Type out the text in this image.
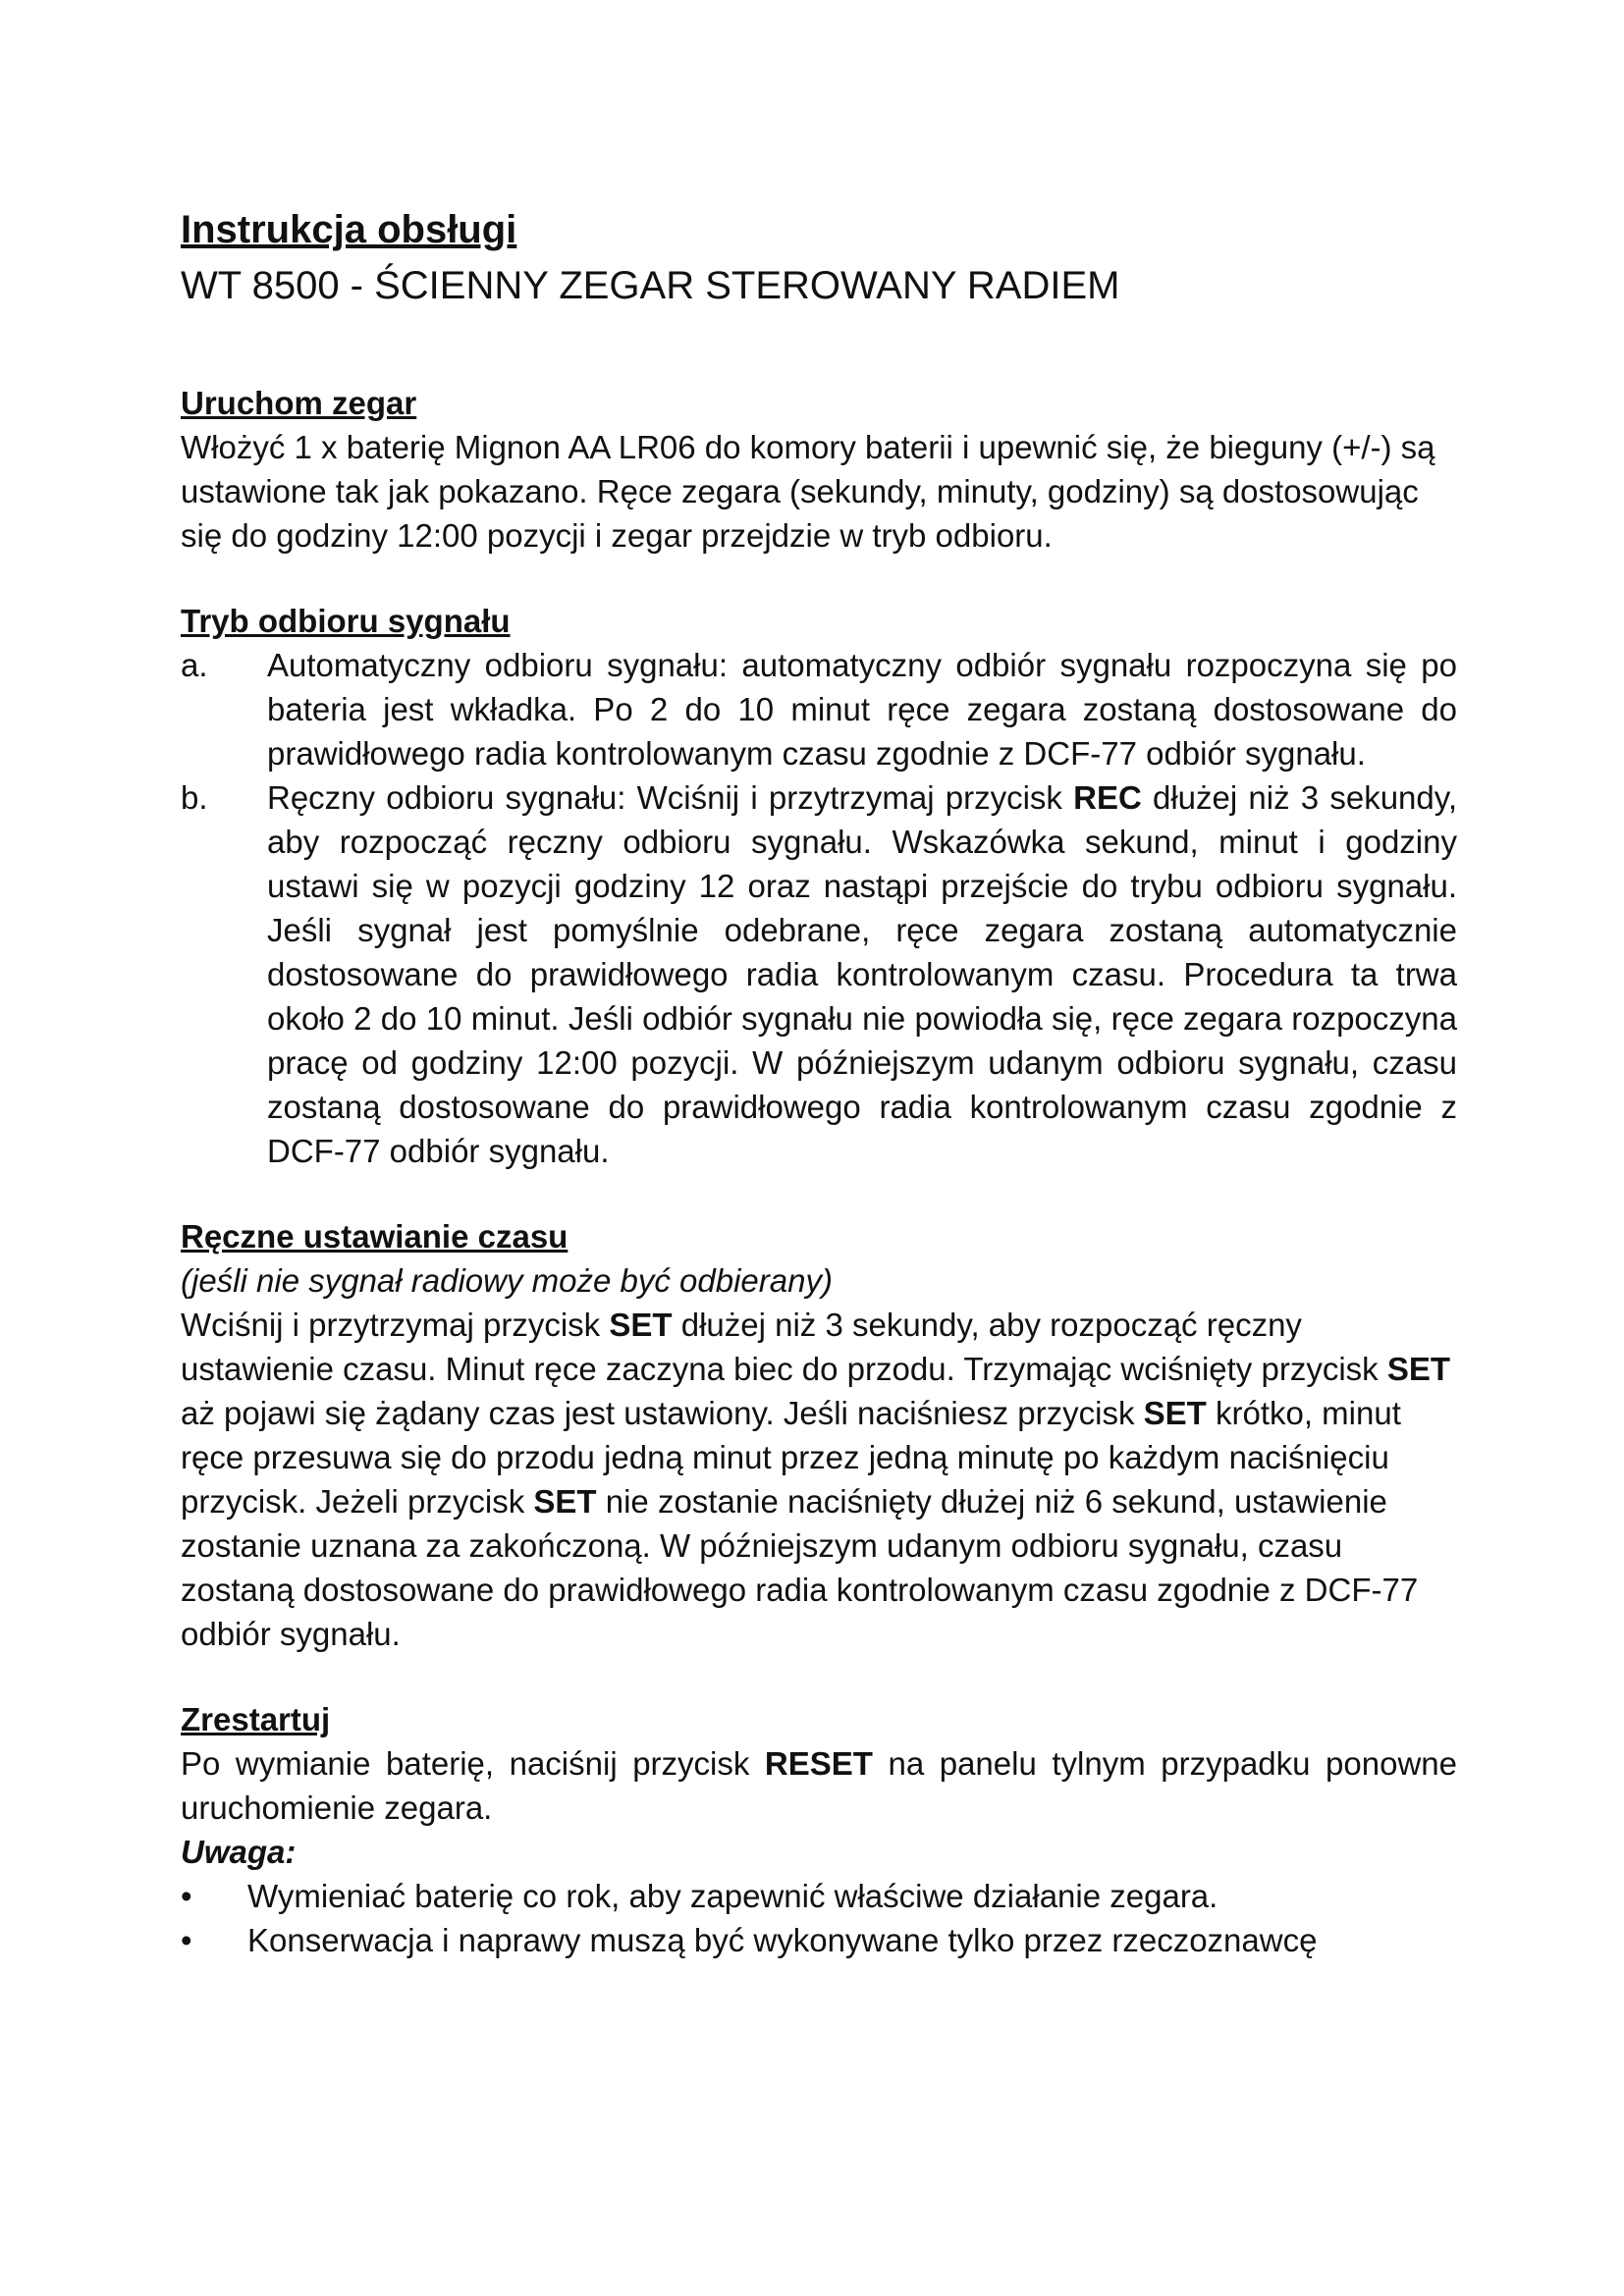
Instrukcja obsługi
WT 8500 - ŚCIENNY ZEGAR STEROWANY RADIEM

Uruchom zegar

Włożyć 1 x baterię Mignon AA LR06 do komory baterii i upewnić się, że bieguny (+/-) są ustawione tak jak pokazano. Ręce zegara (sekundy, minuty, godziny) są dostosowując się do godziny 12:00 pozycji i zegar przejdzie w tryb odbioru.

Tryb odbioru sygnału

a.	Automatyczny odbioru sygnału: automatyczny odbiór sygnału rozpoczyna się po bateria jest wkładka. Po 2 do 10 minut ręce zegara zostaną dostosowane do prawidłowego radia kontrolowanym czasu zgodnie z DCF-77 odbiór sygnału.
b.	Ręczny odbioru sygnału: Wciśnij i przytrzymaj przycisk REC dłużej niż 3 sekundy, aby rozpocząć ręczny odbioru sygnału. Wskazówka sekund, minut i godziny ustawi się w pozycji godziny 12 oraz nastąpi przejście do trybu odbioru sygnału. Jeśli sygnał jest pomyślnie odebrane, ręce zegara zostaną automatycznie dostosowane do prawidłowego radia kontrolowanym czasu. Procedura ta trwa około 2 do 10 minut. Jeśli odbiór sygnału nie powiodła się, ręce zegara rozpoczyna pracę od godziny 12:00 pozycji. W późniejszym udanym odbioru sygnału, czasu zostaną dostosowane do prawidłowego radia kontrolowanym czasu zgodnie z DCF-77 odbiór sygnału.

Ręczne ustawianie czasu

(jeśli nie sygnał radiowy może być odbierany)

Wciśnij i przytrzymaj przycisk SET dłużej niż 3 sekundy, aby rozpocząć ręczny ustawienie czasu. Minut ręce zaczyna biec do przodu. Trzymając wciśnięty przycisk SET aż pojawi się żądany czas jest ustawiony. Jeśli naciśniesz przycisk SET krótko, minut ręce przesuwa się do przodu jedną minut przez jedną minutę po każdym naciśnięciu przycisk. Jeżeli przycisk SET nie zostanie naciśnięty dłużej niż 6 sekund, ustawienie zostanie uznana za zakończoną. W późniejszym udanym odbioru sygnału, czasu zostaną dostosowane do prawidłowego radia kontrolowanym czasu zgodnie z DCF-77 odbiór sygnału.

Zrestartuj

Po wymianie baterię, naciśnij przycisk RESET na panelu tylnym przypadku ponowne uruchomienie zegara.

Uwaga:

•	Wymieniać baterię co rok, aby zapewnić właściwe działanie zegara.
•	Konserwacja i naprawy muszą być wykonywane tylko przez rzeczoznawcę
